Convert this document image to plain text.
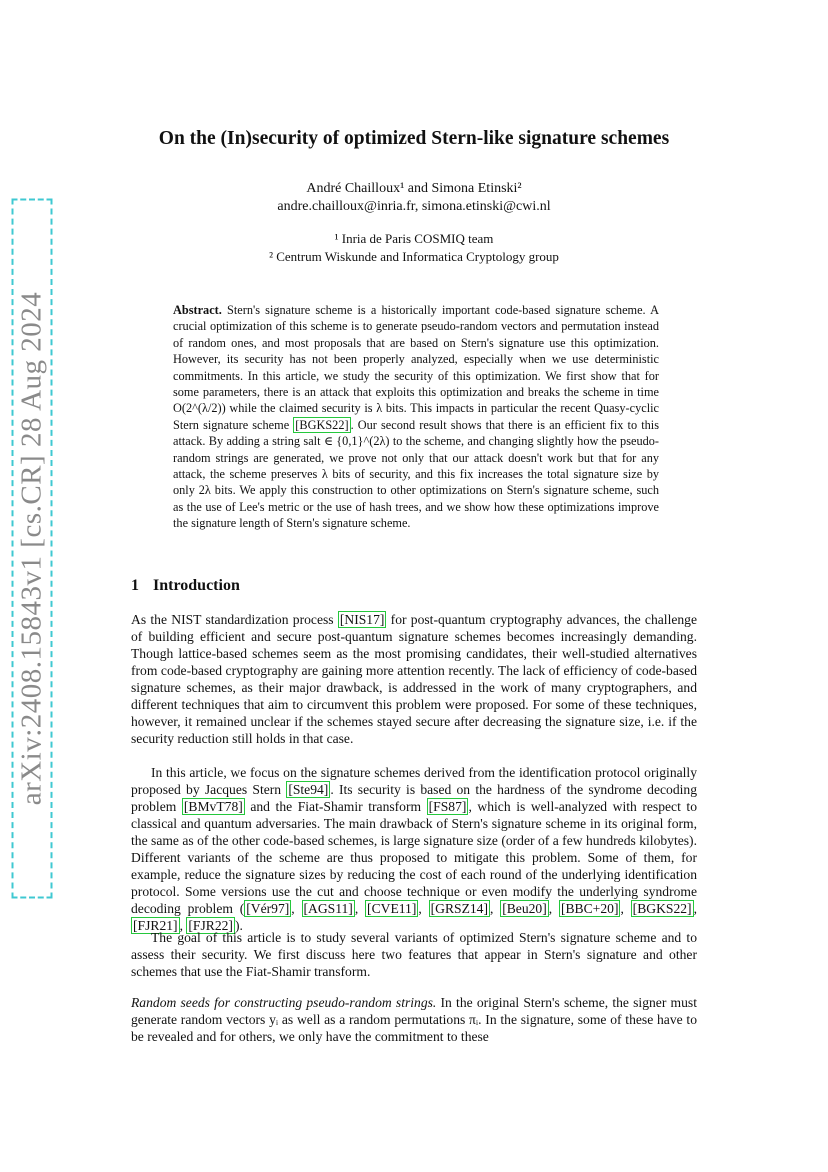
arXiv:2408.15843v1 [cs.CR] 28 Aug 2024
On the (In)security of optimized Stern-like signature schemes
André Chailloux¹ and Simona Etinski²
andre.chailloux@inria.fr, simona.etinski@cwi.nl
¹ Inria de Paris COSMIQ team
² Centrum Wiskunde and Informatica Cryptology group
Abstract. Stern's signature scheme is a historically important code-based signature scheme. A crucial optimization of this scheme is to generate pseudo-random vectors and permutation instead of random ones, and most proposals that are based on Stern's signature use this optimization. However, its security has not been properly analyzed, especially when we use deterministic commitments. In this article, we study the security of this optimization. We first show that for some parameters, there is an attack that exploits this optimization and breaks the scheme in time O(2^(λ/2)) while the claimed security is λ bits. This impacts in particular the recent Quasy-cyclic Stern signature scheme [BGKS22] . Our second result shows that there is an efficient fix to this attack. By adding a string salt ∈ {0,1}^(2λ) to the scheme, and changing slightly how the pseudo-random strings are generated, we prove not only that our attack doesn't work but that for any attack, the scheme preserves λ bits of security, and this fix increases the total signature size by only 2λ bits. We apply this construction to other optimizations on Stern's signature scheme, such as the use of Lee's metric or the use of hash trees, and we show how these optimizations improve the signature length of Stern's signature scheme.
1 Introduction
As the NIST standardization process [NIS17] for post-quantum cryptography advances, the challenge of building efficient and secure post-quantum signature schemes becomes increasingly demanding. Though lattice-based schemes seem as the most promising candidates, their well-studied alternatives from code-based cryptography are gaining more attention recently. The lack of efficiency of code-based signature schemes, as their major drawback, is addressed in the work of many cryptographers, and different techniques that aim to circumvent this problem were proposed. For some of these techniques, however, it remained unclear if the schemes stayed secure after decreasing the signature size, i.e. if the security reduction still holds in that case.
In this article, we focus on the signature schemes derived from the identification protocol originally proposed by Jacques Stern [Ste94] . Its security is based on the hardness of the syndrome decoding problem [BMvT78] and the Fiat-Shamir transform [FS87] , which is well-analyzed with respect to classical and quantum adversaries. The main drawback of Stern's signature scheme in its original form, the same as of the other code-based schemes, is large signature size (order of a few hundreds kilobytes). Different variants of the scheme are thus proposed to mitigate this problem. Some of them, for example, reduce the signature sizes by reducing the cost of each round of the underlying identification protocol. Some versions use the cut and choose technique or even modify the underlying syndrome decoding problem ( [Vér97] , [AGS11] , [CVE11] , [GRSZ14] , [Beu20] , [BBC+20] , [BGKS22] , [FJR21] , [FJR22] ).
The goal of this article is to study several variants of optimized Stern's signature scheme and to assess their security. We first discuss here two features that appear in Stern's signature and other schemes that use the Fiat-Shamir transform.
Random seeds for constructing pseudo-random strings. In the original Stern's scheme, the signer must generate random vectors yᵢ as well as a random permutations πᵢ. In the signature, some of these have to be revealed and for others, we only have the commitment to these
